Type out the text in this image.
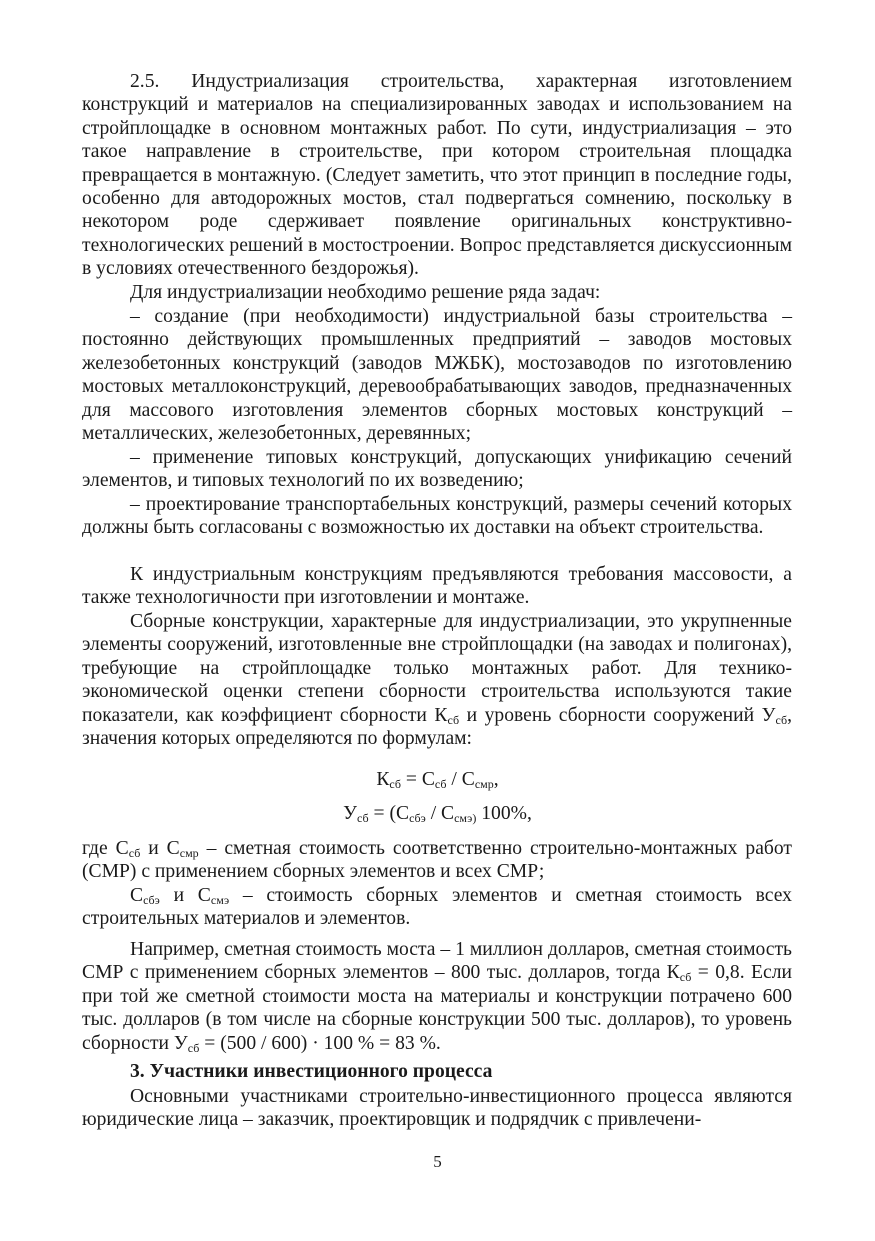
2.5. Индустриализация строительства, характерная изготовлением конструкций и материалов на специализированных заводах и использованием на стройплощадке в основном монтажных работ. По сути, индустриализация – это такое направление в строительстве, при котором строительная площадка превращается в монтажную. (Следует заметить, что этот принцип в последние годы, особенно для автодорожных мостов, стал подвергаться сомнению, поскольку в некотором роде сдерживает появление оригинальных конструктивно-технологических решений в мостостроении. Вопрос представляется дискуссионным в условиях отечественного бездорожья).
Для индустриализации необходимо решение ряда задач:
– создание (при необходимости) индустриальной базы строительства – постоянно действующих промышленных предприятий – заводов мостовых железобетонных конструкций (заводов МЖБК), мостозаводов по изготовлению мостовых металлоконструкций, деревообрабатывающих заводов, предназначенных для массового изготовления элементов сборных мостовых конструкций – металлических, железобетонных, деревянных;
– применение типовых конструкций, допускающих унификацию сечений элементов, и типовых технологий по их возведению;
– проектирование транспортабельных конструкций, размеры сечений которых должны быть согласованы с возможностью их доставки на объект строительства.
К индустриальным конструкциям предъявляются требования массовости, а также технологичности при изготовлении и монтаже.
Сборные конструкции, характерные для индустриализации, это укрупненные элементы сооружений, изготовленные вне стройплощадки (на заводах и полигонах), требующие на стройплощадке только монтажных работ. Для технико-экономической оценки степени сборности строительства используются такие показатели, как коэффициент сборности $К_{сб}$ и уровень сборности сооружений $У_{сб}$, значения которых определяются по формулам:
$К_{сб} = С_{сб} / С_{смр}$,
$У_{сб} = (С_{сбэ} / С_{смэ)}$ 100%,
где $С_{сб}$ и $С_{смр}$ – сметная стоимость соответственно строительно-монтажных работ (СМР) с применением сборных элементов и всех СМР;
$С_{сбэ}$ и $С_{смэ}$ – стоимость сборных элементов и сметная стоимость всех строительных материалов и элементов.
Например, сметная стоимость моста – 1 миллион долларов, сметная стоимость СМР с применением сборных элементов – 800 тыс. долларов, тогда $К_{сб} = 0,8$. Если при той же сметной стоимости моста на материалы и конструкции потрачено 600 тыс. долларов (в том числе на сборные конструкции 500 тыс. долларов), то уровень сборности $У_{сб} = (500 / 600) \cdot 100$ % = 83 %.
3. Участники инвестиционного процесса
Основными участниками строительно-инвестиционного процесса являются юридические лица – заказчик, проектировщик и подрядчик с привлечени-
5
